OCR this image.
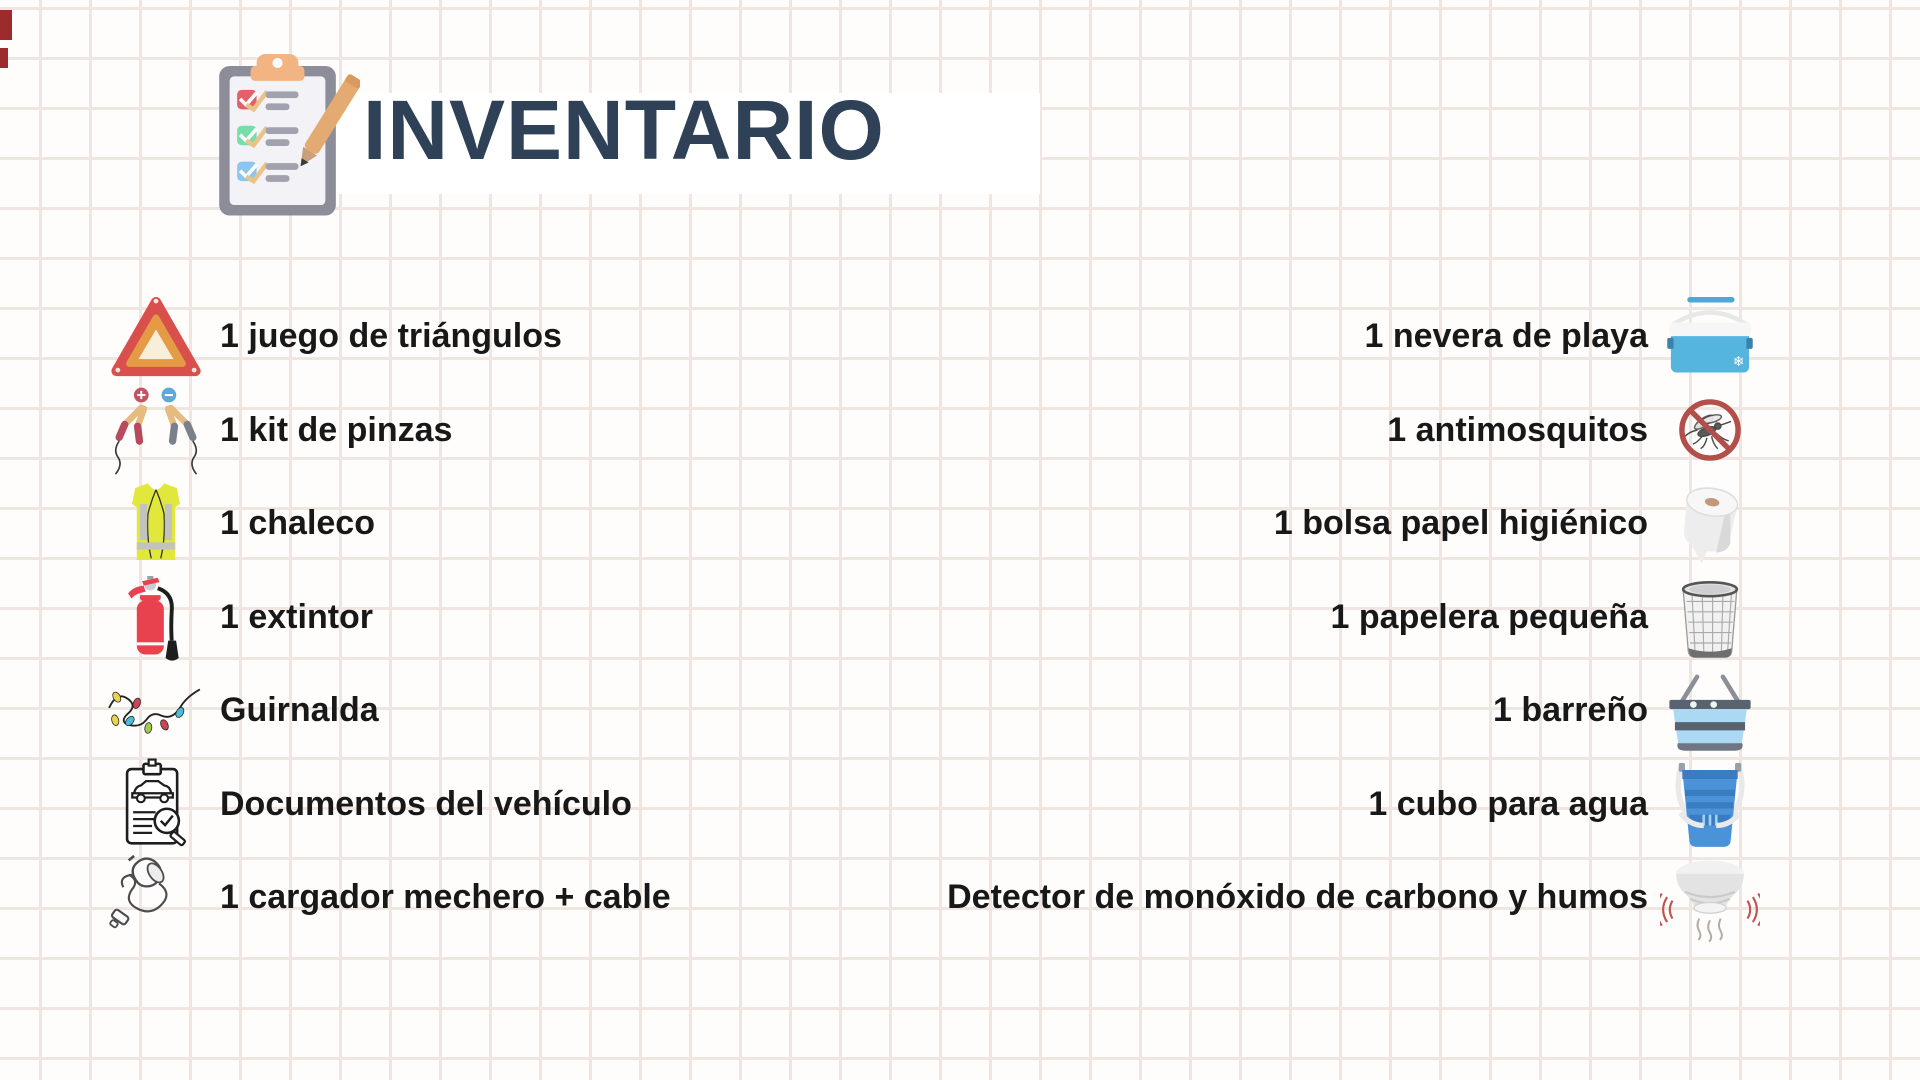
INVENTARIO
1 juego de triángulos
1 kit de pinzas
1 chaleco
1 extintor
Guirnalda
Documentos del vehículo
1 cargador mechero + cable
1 nevera de playa
❄
1 antimosquitos
1 bolsa papel higiénico
1 papelera pequeña
1 barreño
1 cubo para agua
Detector de monóxido de carbono y humos
